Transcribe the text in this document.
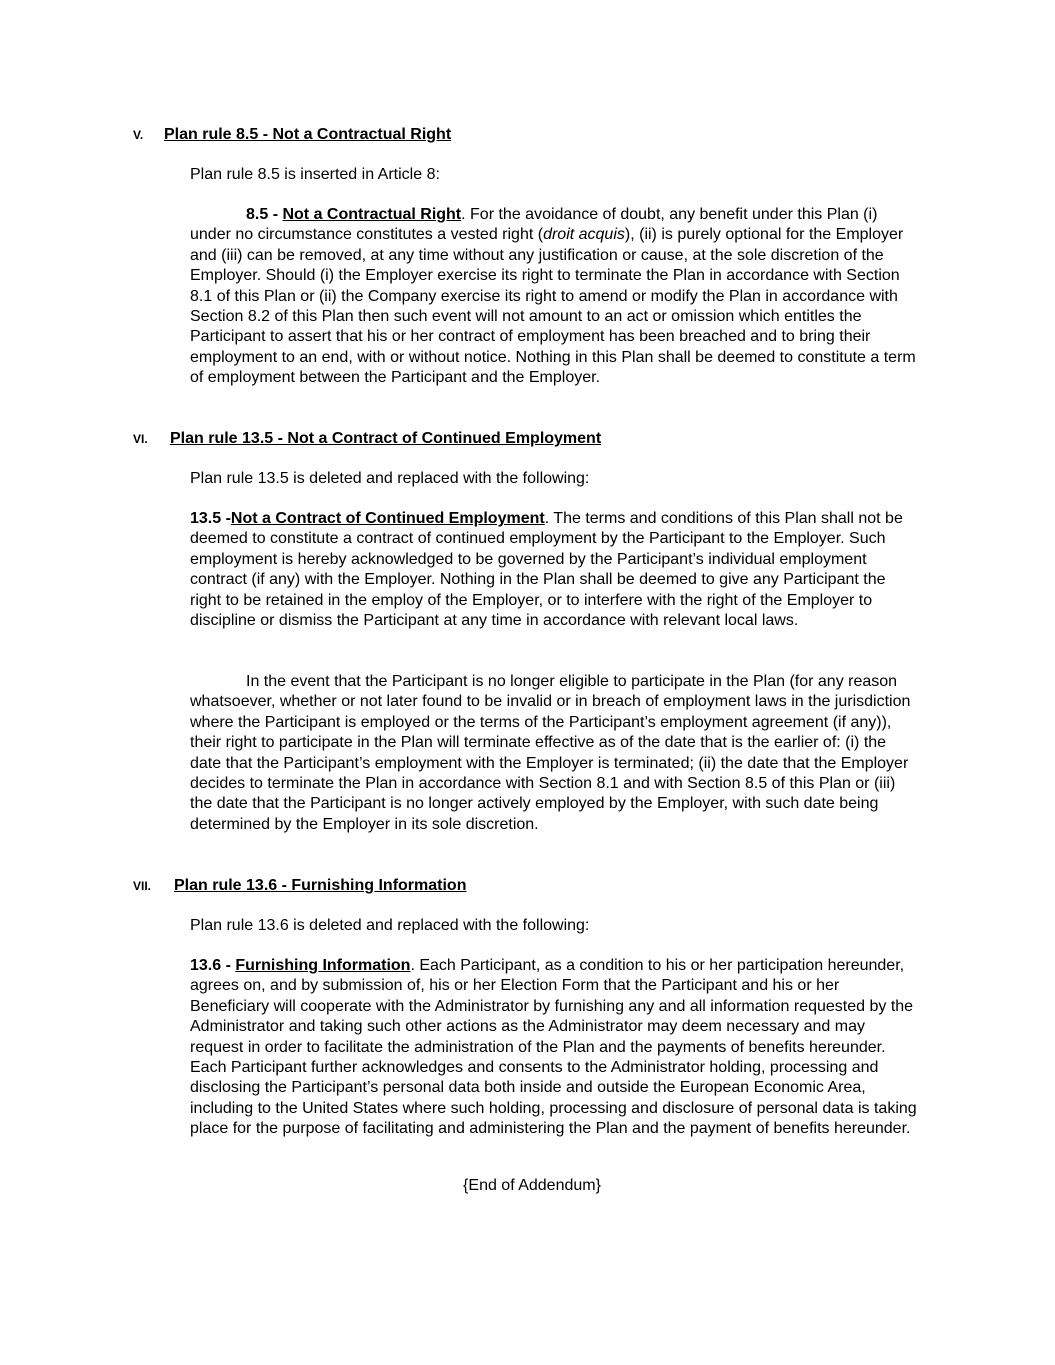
V. Plan rule 8.5 - Not a Contractual Right
Plan rule 8.5 is inserted in Article 8:

8.5 - Not a Contractual Right. For the avoidance of doubt, any benefit under this Plan (i) under no circumstance constitutes a vested right (droit acquis), (ii) is purely optional for the Employer and (iii) can be removed, at any time without any justification or cause, at the sole discretion of the Employer. Should (i) the Employer exercise its right to terminate the Plan in accordance with Section 8.1 of this Plan or (ii) the Company exercise its right to amend or modify the Plan in accordance with Section 8.2 of this Plan then such event will not amount to an act or omission which entitles the Participant to assert that his or her contract of employment has been breached and to bring their employment to an end, with or without notice. Nothing in this Plan shall be deemed to constitute a term of employment between the Participant and the Employer.

VI. Plan rule 13.5 - Not a Contract of Continued Employment
Plan rule 13.5 is deleted and replaced with the following:

13.5 -Not a Contract of Continued Employment. The terms and conditions of this Plan shall not be deemed to constitute a contract of continued employment by the Participant to the Employer. Such employment is hereby acknowledged to be governed by the Participant’s individual employment contract (if any) with the Employer. Nothing in the Plan shall be deemed to give any Participant the right to be retained in the employ of the Employer, or to interfere with the right of the Employer to discipline or dismiss the Participant at any time in accordance with relevant local laws.

In the event that the Participant is no longer eligible to participate in the Plan (for any reason whatsoever, whether or not later found to be invalid or in breach of employment laws in the jurisdiction where the Participant is employed or the terms of the Participant’s employment agreement (if any)), their right to participate in the Plan will terminate effective as of the date that is the earlier of: (i) the date that the Participant’s employment with the Employer is terminated; (ii) the date that the Employer decides to terminate the Plan in accordance with Section 8.1 and with Section 8.5 of this Plan or (iii) the date that the Participant is no longer actively employed by the Employer, with such date being determined by the Employer in its sole discretion.

VII. Plan rule 13.6 - Furnishing Information
Plan rule 13.6 is deleted and replaced with the following:

13.6 - Furnishing Information. Each Participant, as a condition to his or her participation hereunder, agrees on, and by submission of, his or her Election Form that the Participant and his or her Beneficiary will cooperate with the Administrator by furnishing any and all information requested by the Administrator and taking such other actions as the Administrator may deem necessary and may request in order to facilitate the administration of the Plan and the payments of benefits hereunder. Each Participant further acknowledges and consents to the Administrator holding, processing and disclosing the Participant’s personal data both inside and outside the European Economic Area, including to the United States where such holding, processing and disclosure of personal data is taking place for the purpose of facilitating and administering the Plan and the payment of benefits hereunder.

{End of Addendum}
